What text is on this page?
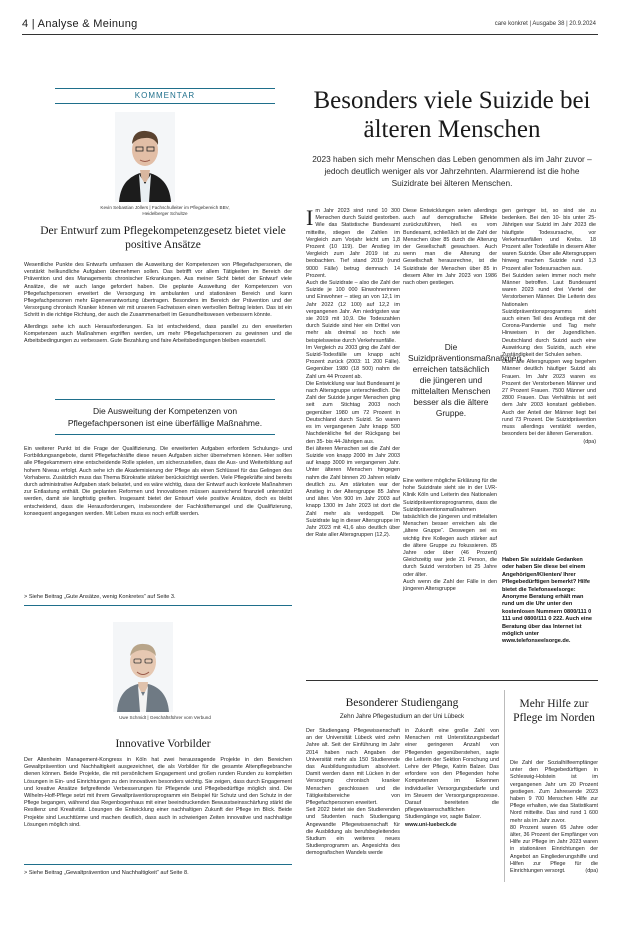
4 | Analyse & Meinung	care konkret | Ausgabe 38 | 20.9.2024
KOMMENTAR
Kevin Sebastian Jöllers | Fachschulleiter im Pflegebereich BBV, Heidelberger Schultze
Der Entwurf zum Pflegekompetenzgesetz bietet viele positive Ansätze

Wesentliche Punkte des Entwurfs umfassen die Ausweitung der Kompetenzen von Pflegefachpersonen, die verstärkt heilkundliche Aufgaben übernehmen sollen. Das betrifft vor allem Tätigkeiten im Bereich der Prävention und des Managements chronischer Erkrankungen. Aus meiner Sicht bietet der Entwurf viele Ansätze, die wir auch lange gefordert haben. Die geplante Ausweitung der Kompetenzen von Pflegefachpersonen erweitert die Versorgung im ambulanten und stationären Bereich und kann Pflegefachpersonen mehr Eigenverantwortung übertragen. Besonders im Bereich der Prävention und der Versorgung chronisch Kranker können wir mit unseren Fachwissen einen wertvollen Beitrag leisten. Das ist ein Schritt in die richtige Richtung, der auch die Zusammenarbeit im Gesundheitswesen verbessern könnte.

Allerdings sehe ich auch Herausforderungen. Es ist entscheidend, dass parallel zu den erweiterten Kompetenzen auch Maßnahmen ergriffen werden, um mehr Pflegefachpersonen zu gewinnen und die Arbeitsbedingungen zu verbessern. Gute Bezahlung und faire Arbeitsbedingungen bleiben essenziell.

Die Ausweitung der Kompetenzen von Pflegefachpersonen ist eine überfällige Maßnahme.

Ein weiterer Punkt ist die Frage der Qualifizierung. Die erweiterten Aufgaben erfordern Schulungs- und Fortbildungsangebote, damit Pflegefachkräfte diese neuen Aufgaben sicher übernehmen können. Hier sollten alle Pflegekammern eine entscheidende Rolle spielen, um sicherzustellen, dass die Aus- und Weiterbildung auf hohem Niveau erfolgt. Auch sehe ich die Akademisierung der Pflege als einen Schlüssel für das Gelingen des Vorhabens. Zusätzlich muss das Thema Bürokratie stärker berücksichtigt werden. Viele Pflegekräfte sind bereits durch administrative Aufgaben stark belastet, und es wäre wichtig, dass der Entwurf auch konkrete Maßnahmen zur Entlastung enthält. Die geplanten Reformen und Innovationen müssen ausreichend finanziell unterstützt werden, damit sie langfristig greifen. Insgesamt bietet der Entwurf viele positive Ansätze, doch es bleibt entscheidend, dass die Herausforderungen, insbesondere der Fachkräftemangel und die Qualifizierung, konsequent angegangen werden. Mit Leben muss es noch erfüllt werden.

> Siehe Beitrag „Gute Ansätze, wenig Konkretes“ auf Seite 3.
Uwe Schmidt | Geschäftsführer vom Verbund
Innovative Vorbilder

Der Altenheim Management-Kongress in Köln hat zwei herausragende Projekte in den Bereichen Gewaltprävention und Nachhaltigkeit ausgezeichnet, die als Vorbilder für die gesamte Altenpflegebranche dienen können. Beide Projekte, die mit persönlichem Engagement und großen runden Runden zu kompletten Lösungen in Ein- und Einrichtungen zu den innovativen besonders wichtig. Sie zeigen, dass durch Engagement und kreative Ansätze tiefgreifende Verbesserungen für Pflegende und Pflegebedürftige möglich sind. Die Wilhelm-Hoff-Pflege setzt mit ihrem Gewaltpräventionsprogramm ein Beispiel für Schutz und den Schutz in der Pflege begangen, während das Regenbogenhaus mit einer beeindruckenden Bewusstseinsschärfung stärkt die Resilienz und Kreativität. Lösungen die Entwicklung einer nachhaltigen Zukunft der Pflege im Blick. Beide Projekte sind Leuchttürme und machen deutlich, dass auch in schwierigen Zeiten innovative und nachhaltige Lösungen möglich sind.

> Siehe Beitrag „Gewaltprävention und Nachhaltigkeit“ auf Seite 8.
Besonders viele Suizide bei älteren Menschen
2023 haben sich mehr Menschen das Leben genommen als im Jahr zuvor – jedoch deutlich weniger als vor Jahrzehnten. Alarmierend ist die hohe Suizidrate bei älteren Menschen.
Im Jahr 2023 sind rund 10 300 Menschen durch Suizid gestorben. Wie das Statistische Bundesamt mitteilte, stiegen die Zahlen im Vergleich zum Vorjahr leicht um 1,8 Prozent (10 119). Der Anstieg im Vergleich zum Jahr 2019 ist zu beobachten. Tief stand 2019 (rund 9000 Fälle) betrug demnach 14 Prozent.
Auch die Suizidrate – also die Zahl der Suizide je 100 000 Einwohnerinnen und Einwohner – stieg an von 12,1 im Jahr 2022 (12 100) auf 12,2 im vergangenen Jahr. Am niedrigsten war sie 2019 mit 10,9. Die Todeszahlen durch Suizide sind hier ein Drittel von mehr als dreimal so hoch wie beispielsweise durch Verkehrsunfälle.
Im Vergleich zu 2003 ging die Zahl der Suizid-Todesfälle um knapp acht Prozent zurück (2003: 11 200 Fälle). Gegenüber 1980 (18 500) nahm die Zahl um 44 Prozent ab.
Die Entwicklung war laut Bundesamt je nach Altersgruppe unterschiedlich. Die Zahl der Suizide junger Menschen ging seit zum Stichtag 2003 noch gegenüber 1980 um 72 Prozent in Deutschland durch Suizid. So waren es im vergangenen Jahr knapp 500 Nachdenkliche fiel der Rückgang bei den 35- bis 44-Jährigen aus.
Bei älteren Menschen sei die Zahl der Suizide von knapp 2000 im Jahr 2003 auf knapp 3000 im vergangenen Jahr. Unter älteren Menschen hingegen nahm die Zahl binnen 20 Jahren relativ deutlich zu. Am stärksten war der Anstieg in der Altersgruppe 85 Jahre und älter. Von 900 im Jahr 2003 auf knapp 1300 im Jahr 2023 ist dort die Zahl mehr als verdoppelt. Die Suizidrate lag in dieser Altersgruppe im Jahr 2023 mit 41,6 also deutlich über der Rate aller Altersgruppen (12,2).
Diese Entwicklungen seien allerdings auch auf demografische Effekte zurückzuführen, hieß es vom Bundesamt, schließlich ist die Zahl der Menschen über 85 durch die Alterung der Gesellschaft gewachsen. Auch wenn man die Alterung der Gesellschaft herausrechne, ist die Suizidrate der Menschen über 85 in diesem Alter im Jahr 2023 von 1986 nach oben gestiegen.
Die Suizidpräventionsmaßnahmen erreichen tatsächlich die jüngeren und mittelalten Menschen besser als die ältere Gruppe.
Eine weitere mögliche Erklärung für die hohe Suizidrate sieht sie in der LVR-Klinik Köln und Leiterin des Nationalen Suizidpräventionsprogramms, dass die Suizidpräventionsmaßnahmen tatsächlich die jüngeren und mittelalten Menschen besser erreichen als die „ältere Gruppe“. Deswegen sei es wichtig ihre Kollegen auch stärker auf die ältere Gruppe zu fokussieren. 85 Jahre oder über (46 Prozent) Gleichzeitig war jede 21 Person, die durch Suizid verstorben ist 25 Jahre oder älter.
Auch wenn die Zahl der Fälle in den jüngeren Altersgruppe
gen geringer ist, so sind sie zu bedenken. Bei den 10- bis unter 25-Jährigen war Suizid im Jahr 2023 die häufigste Todesursache, vor Verkehrsunfällen und Krebs. 18 Prozent aller Todesfälle in diesem Alter waren Suizide. Über alle Altersgruppen hinweg machen Suizide rund 1,3 Prozent aller Todesursachen aus.
Bei Suiziden seien immer noch mehr Männer betroffen. Laut Bundesamt waren 2023 rund drei Viertel der Verstorbenen Männer. Die Leiterin des Nationalen Suizidpräventionsprogramms sieht auch einen Teil des Anstiegs mit der Corona-Pandemie und Tag mehr Hinweisen in der Jugendlichen. Deutschland durch Suizid auch eine Auswirkung des Suizids, auch eine Zuständigkeit der Schulen sehen.
Über alle Altersgruppen weg begehen Männer deutlich häufiger Suizid als Frauen. Im Jahr 2023 waren es Prozent der Verstorbenen Männer und 27 Prozent Frauen. 7500 Männer und 2800 Frauen. Das Verhältnis ist seit dem Jahr 2003 konstant geblieben. Auch der Anteil der Männer liegt bei rund 73 Prozent. Die Suizidprävention muss allerdings verstärkt werden, besonders bei der älteren Generation.
(dpa)
Haben Sie suizidale Gedanken oder haben Sie diese bei einem Angehörigen/Klienten/ Ihrer Pflegebedürftigen bemerkt? Hilfe bietet die Telefonseelsorge: Anonyme Beratung erhält man rund um die Uhr unter den kostenlosen Nummern 0800/111 0 111 und 0800/111 0 222. Auch eine Beratung über das Internet ist möglich unter www.telefonseelsorge.de.
Besonderer Studiengang
Zehn Jahre Pflegestudium an der Uni Lübeck
Der Studiengang Pflegewissenschaft an der Universität Lübeck wird zehn Jahre alt. Seit der Einführung im Jahr 2014 haben nach Angaben der Universität mehr als 150 Studierende das Ausbildungsstudium absolviert. Damit werden dann mit Lücken in der Versorgung chronisch kranker Menschen geschlossen und die Tätigkeitsbereiche von Pflegefachpersonen erweitert.
Seit 2022 bietet sie den Studierenden und Studenten nach Studiengang Angewandte Pflegewissenschaft für die Ausbildung als berufsbegleitendes Studium ein weiteres neues Studienprogramm an. Angesichts des demografischen Wandels werde
in Zukunft eine große Zahl von Menschen mit Unterstützungsbedarf einer geringeren Anzahl von Pflegenden gegenüberstehen, sagte die Leiterin der Sektion Forschung und Lehre der Pflege, Katrin Balzer. Das erfordere von den Pflegenden hohe Kompetenzen im Erkennen individueller Versorgungsbedarfe und im Steuern der Versorgungsprozesse. Darauf bereiteten die pflegewissenschaftlichen Studiengänge vor, sagte Balzer.
www.uni-luebeck.de
Mehr Hilfe zur Pflege im Norden
Die Zahl der Sozialhilfeempfänger unter den Pflegebedürftigen in Schleswig-Holstein ist im vergangenen Jahr um 20 Prozent gestiegen. Zum Jahresende 2023 haben 9 700 Menschen Hilfe zur Pflege erhalten, wie das Statistikamt Nord mitteilte. Das sind rund 1 600 mehr als im Jahr zuvor.
80 Prozent waren 65 Jahre oder älter, 36 Prozent der Empfänger von Hilfe zur Pflege im Jahr 2023 waren in stationären Einrichtungen der Angebot an Eingliederungshilfe und Hilfen zur Pflege für die Einrichtungen versorgt.	(dpa)
